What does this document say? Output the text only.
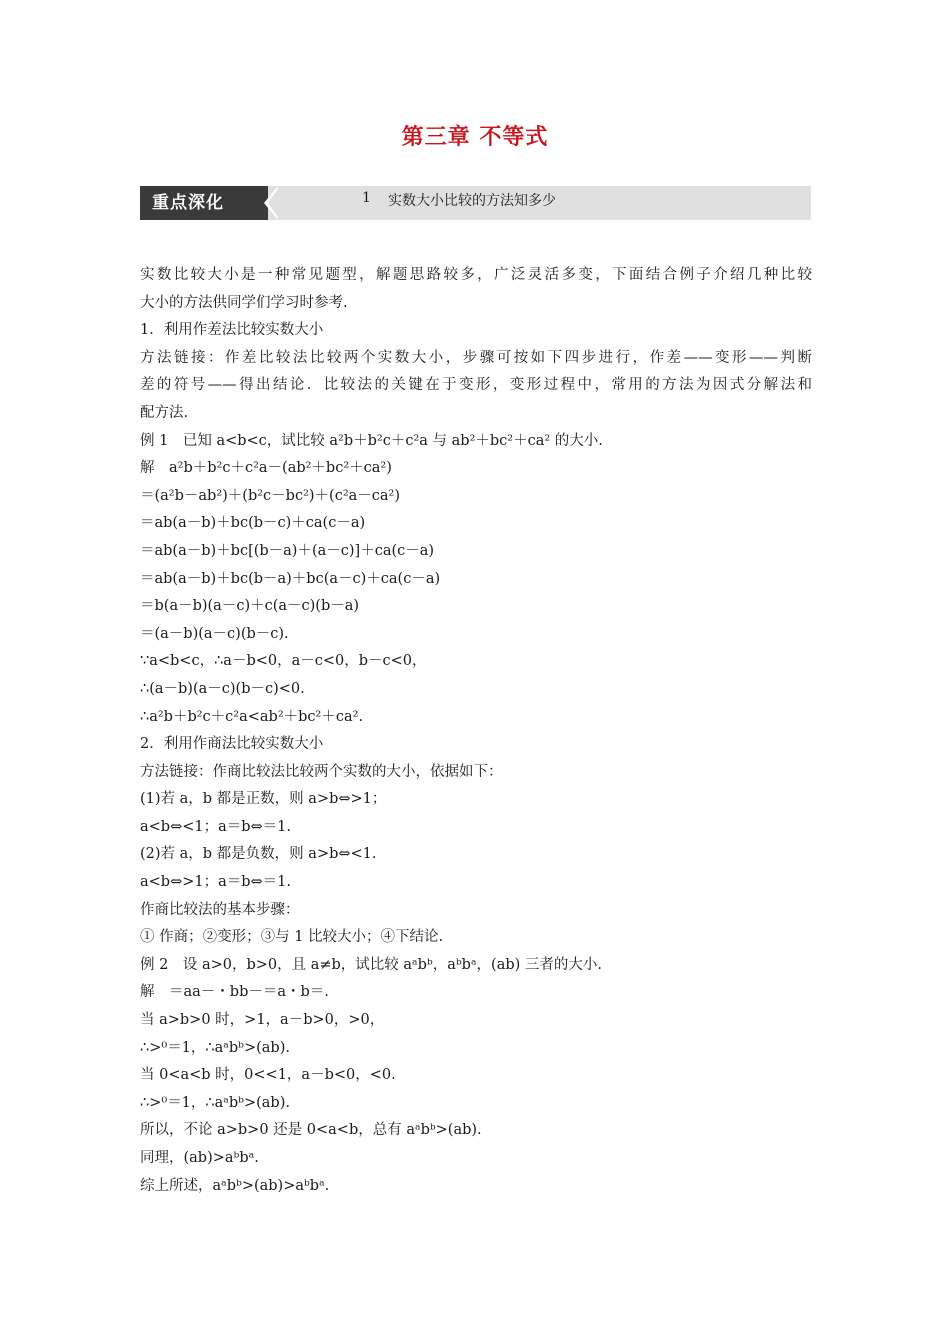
第三章 不等式
重点深化	1 实数大小比较的方法知多少
实数比较大小是一种常见题型，解题思路较多，广泛灵活多变，下面结合例子介绍几种比较
大小的方法供同学们学习时参考.
1．利用作差法比较实数大小
方法链接：作差比较法比较两个实数大小，步骤可按如下四步进行，作差——变形——判断
差的符号——得出结论．比较法的关键在于变形，变形过程中，常用的方法为因式分解法和
配方法.
例 1　已知 a<b<c，试比较 a²b＋b²c＋c²a 与 ab²＋bc²＋ca² 的大小.
解　a²b＋b²c＋c²a－(ab²＋bc²＋ca²)
＝(a²b－ab²)＋(b²c－bc²)＋(c²a－ca²)
＝ab(a－b)＋bc(b－c)＋ca(c－a)
＝ab(a－b)＋bc[(b－a)＋(a－c)]＋ca(c－a)
＝ab(a－b)＋bc(b－a)＋bc(a－c)＋ca(c－a)
＝b(a－b)(a－c)＋c(a－c)(b－a)
＝(a－b)(a－c)(b－c).
∵a<b<c，∴a－b<0，a－c<0，b－c<0，
∴(a－b)(a－c)(b－c)<0.
∴a²b＋b²c＋c²a<ab²＋bc²＋ca².
2．利用作商法比较实数大小
方法链接：作商比较法比较两个实数的大小，依据如下：
(1)若 a，b 都是正数，则 a>b⇔>1；
a<b⇔<1；a＝b⇔＝1.
(2)若 a，b 都是负数，则 a>b⇔<1.
a<b⇔>1；a＝b⇔＝1.
作商比较法的基本步骤：
① 作商；②变形；③与 1 比较大小；④下结论.
例 2　设 a>0，b>0，且 a≠b，试比较 aᵃbᵇ，aᵇbᵃ，(ab) 三者的大小.
解　＝aa－・bb－＝a・b＝.
当 a>b>0 时，>1，a－b>0，>0，
∴>⁰＝1，∴aᵃbᵇ>(ab).
当 0<a<b 时，0<<1，a－b<0，<0.
∴>⁰＝1，∴aᵃbᵇ>(ab).
所以，不论 a>b>0 还是 0<a<b，总有 aᵃbᵇ>(ab).
同理，(ab)>aᵇbᵃ.
综上所述，aᵃbᵇ>(ab)>aᵇbᵃ.
